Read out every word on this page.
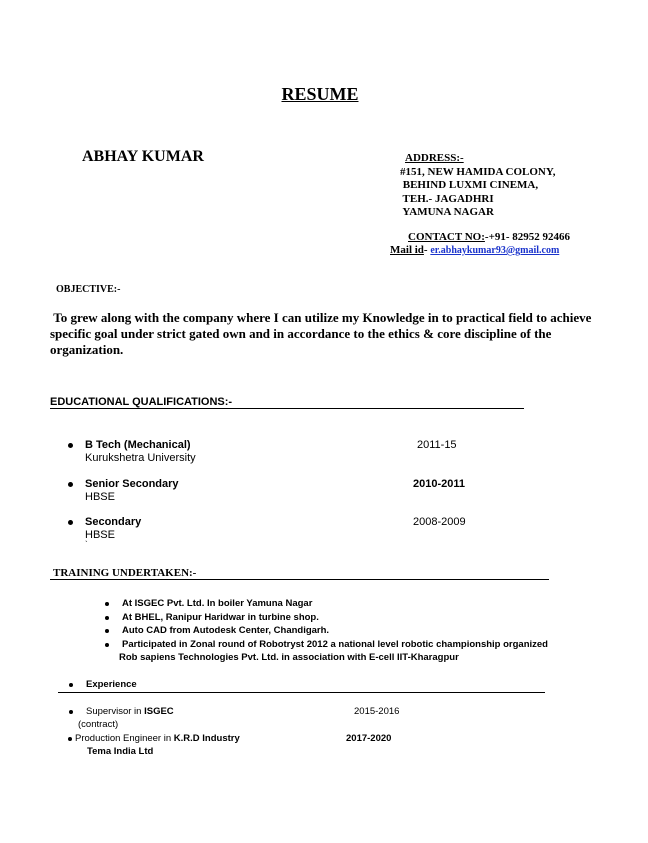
RESUME
ABHAY KUMAR	ADDRESS:-
#151, NEW HAMIDA COLONY,
BEHIND LUXMI CINEMA,
TEH.- JAGADHRI
YAMUNA NAGAR
CONTACT NO:-+91- 82952 92466
Mail id- er.abhaykumar93@gmail.com
OBJECTIVE:-
To grew along with the company where I can utilize my Knowledge in to practical field to achieve specific goal under strict gated own and in accordance to the ethics & core discipline of the organization.
EDUCATIONAL QUALIFICATIONS:-
B Tech (Mechanical)
Kurukshetra University
2011-15
Senior Secondary
HBSE
2010-2011
Secondary
HBSE
`
2008-2009
TRAINING UNDERTAKEN:-
At ISGEC Pvt. Ltd. In boiler Yamuna Nagar
At BHEL, Ranipur Haridwar in turbine shop.
Auto CAD from Autodesk Center, Chandigarh.
Participated in Zonal round of Robotryst 2012 a national level robotic championship organized
Rob sapiens Technologies Pvt. Ltd. in association with E-cell IIT-Kharagpur
Experience
Supervisor in ISGEC
(contract)
2015-2016
Production Engineer in K.R.D Industry
Tema India Ltd
2017-2020
